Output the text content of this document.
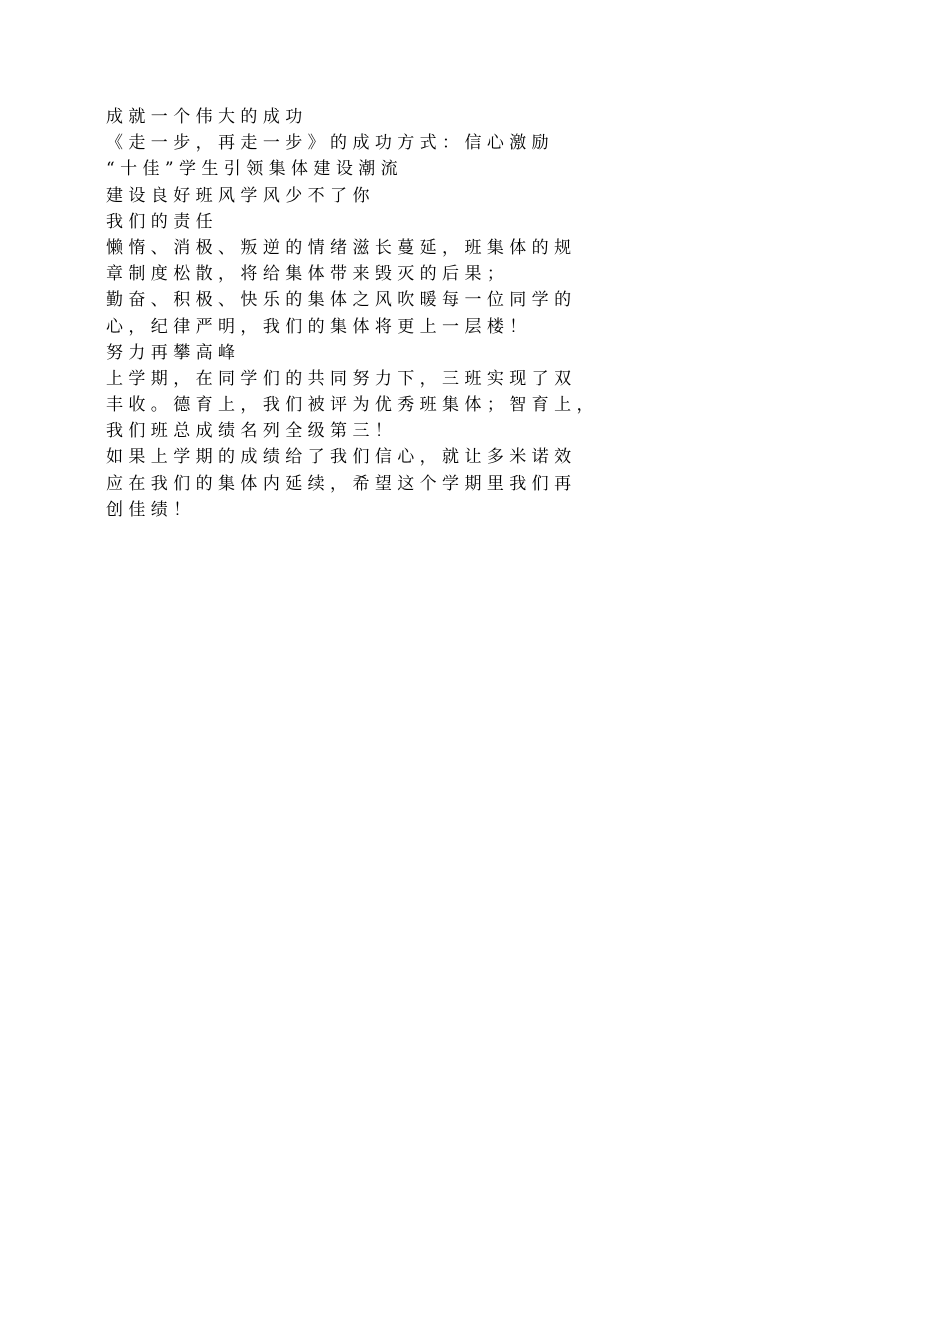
成 就 一 个 伟 大 的 成 功
《 走 一 步 ， 再 走 一 步 》 的 成 功 方 式 ： 信 心 激 励
“ 十 佳 ” 学 生 引 领 集 体 建 设 潮 流
建 设 良 好 班 风 学 风 少 不 了 你
我 们 的 责 任
懒 惰 、 消 极 、 叛 逆 的 情 绪 滋 长 蔓 延 ， 班 集 体 的 规
章 制 度 松 散 ， 将 给 集 体 带 来 毁 灭 的 后 果 ；
勤 奋 、 积 极 、 快 乐 的 集 体 之 风 吹 暖 每 一 位 同 学 的
心 ， 纪 律 严 明 ， 我 们 的 集 体 将 更 上 一 层 楼 ！
努 力 再 攀 高 峰
上 学 期 ， 在 同 学 们 的 共 同 努 力 下 ， 三 班 实 现 了 双
丰 收 。 德 育 上 ， 我 们 被 评 为 优 秀 班 集 体 ； 智 育 上 ，
我 们 班 总 成 绩 名 列 全 级 第 三 ！
如 果 上 学 期 的 成 绩 给 了 我 们 信 心 ， 就 让 多 米 诺 效
应 在 我 们 的 集 体 内 延 续 ， 希 望 这 个 学 期 里 我 们 再
创 佳 绩 ！
